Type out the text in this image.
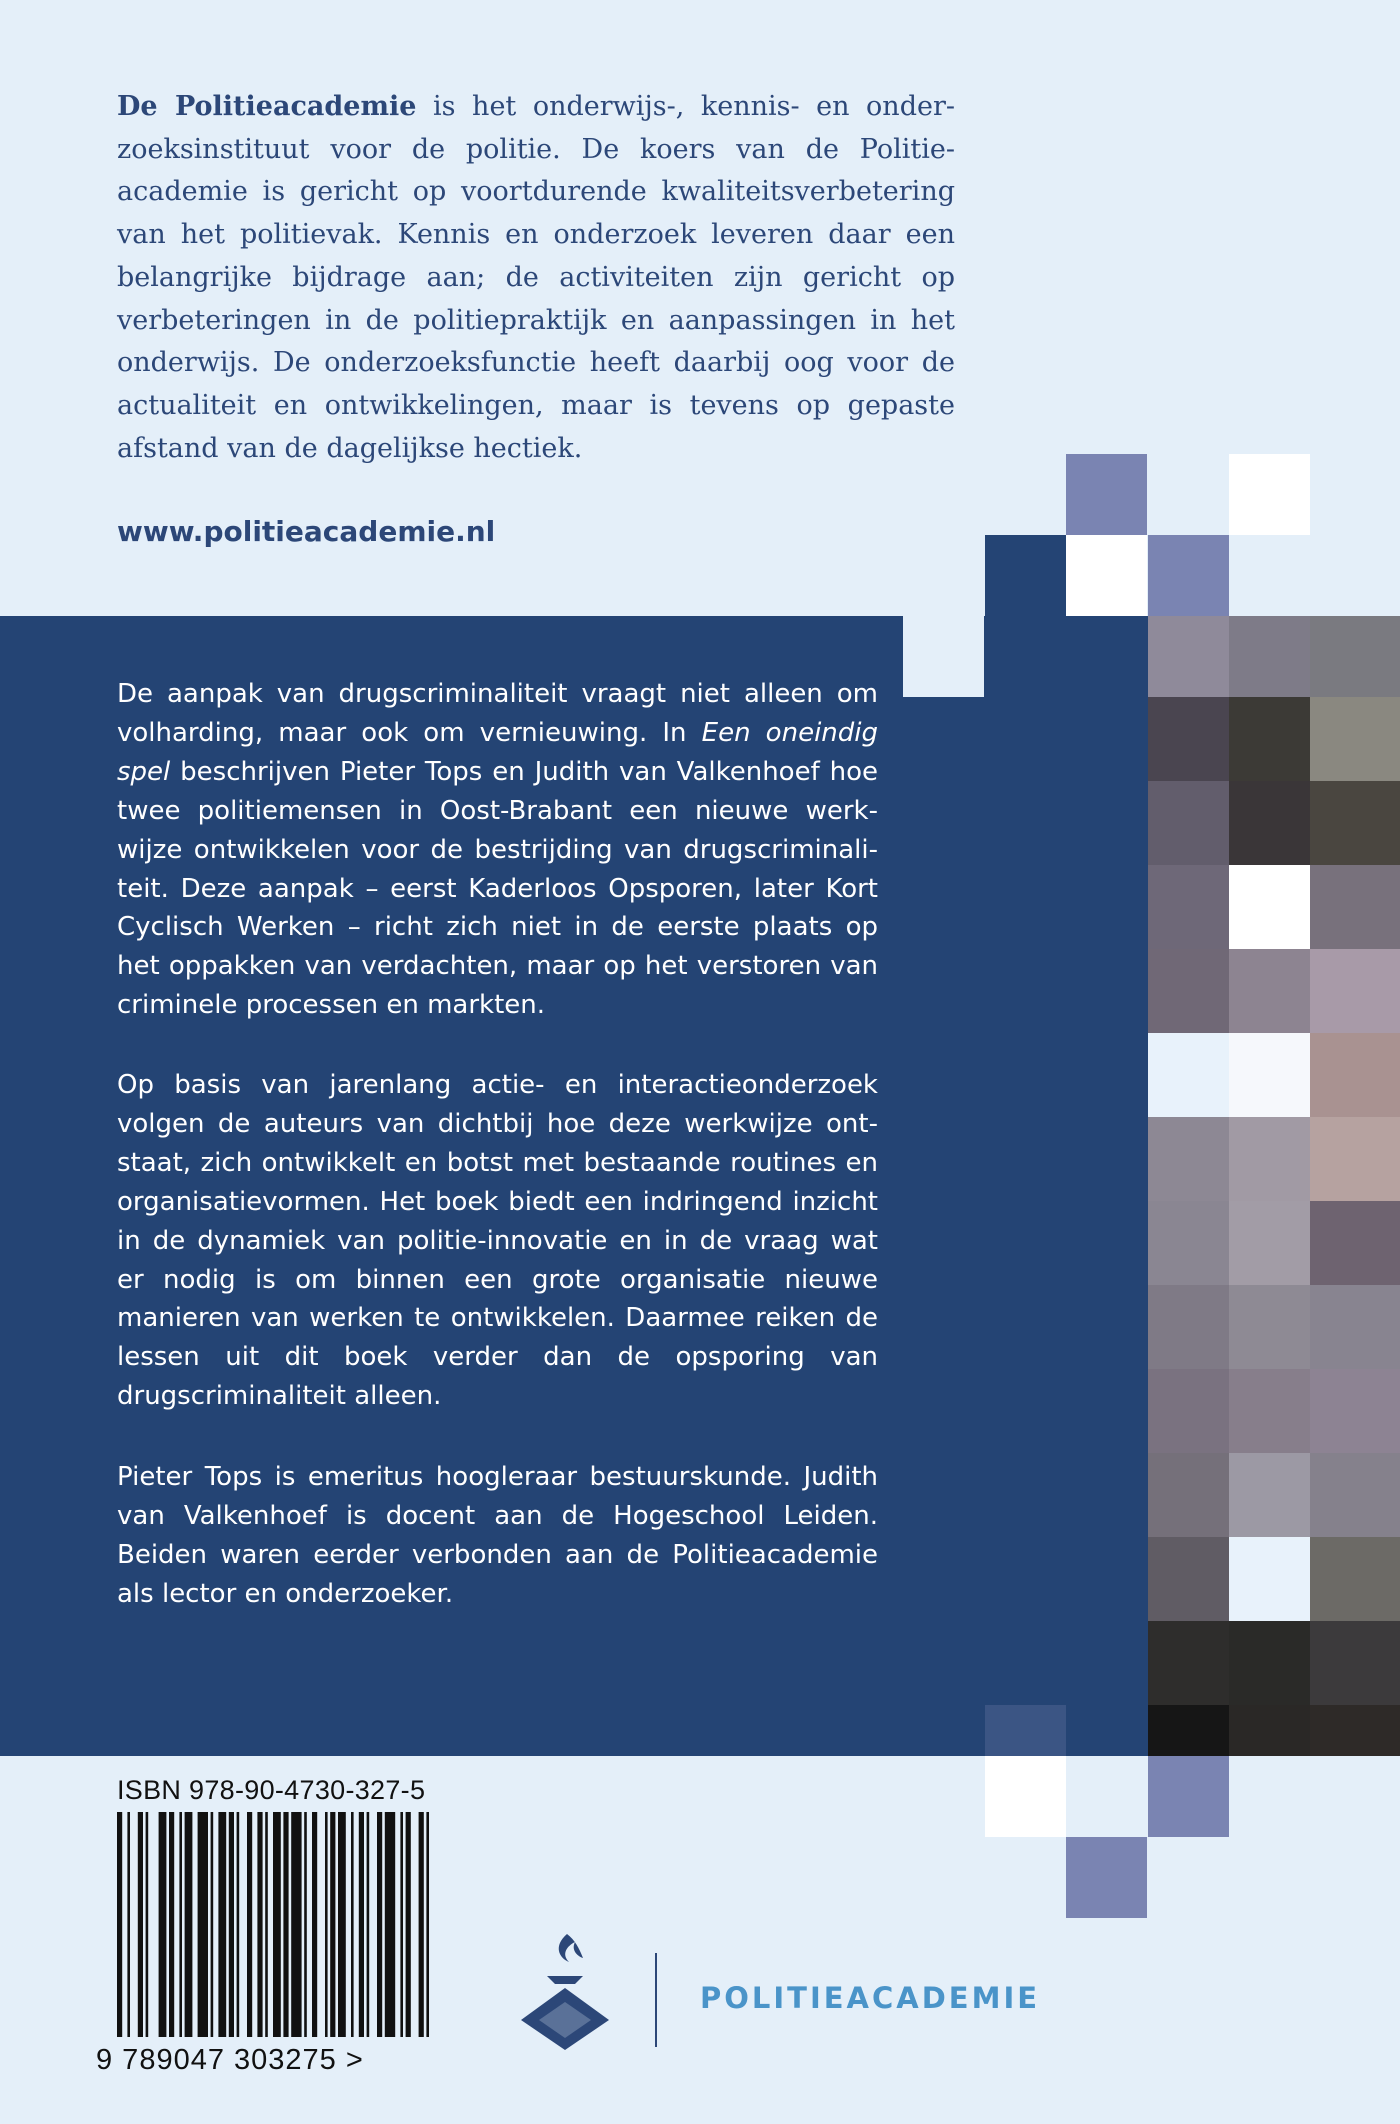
De Politieacademie is het onderwijs-, kennis- en onderzoeksinstituut voor de politie. De koers van de Politieacademie is gericht op voortdurende kwaliteitsverbetering van het politievak. Kennis en onderzoek leveren daar een belangrijke bijdrage aan; de activiteiten zijn gericht op verbeteringen in de politiepraktijk en aanpassingen in het onderwijs. De onderzoeksfunctie heeft daarbij oog voor de actualiteit en ontwikkelingen, maar is tevens op gepaste afstand van de dagelijkse hectiek.

www.politieacademie.nl

De aanpak van drugscriminaliteit vraagt niet alleen om volharding, maar ook om vernieuwing. In Een oneindig spel beschrijven Pieter Tops en Judith van Valkenhoef hoe twee politiemensen in Oost-Brabant een nieuwe werkwijze ontwikkelen voor de bestrijding van drugscriminaliteit. Deze aanpak – eerst Kaderloos Opsporen, later Kort Cyclisch Werken – richt zich niet in de eerste plaats op het oppakken van verdachten, maar op het verstoren van criminele processen en markten.

Op basis van jarenlang actie- en interactieonderzoek volgen de auteurs van dichtbij hoe deze werkwijze ontstaat, zich ontwikkelt en botst met bestaande routines en organisatievormen. Het boek biedt een indringend inzicht in de dynamiek van politie-innovatie en in de vraag wat er nodig is om binnen een grote organisatie nieuwe manieren van werken te ontwikkelen. Daarmee reiken de lessen uit dit boek verder dan de opsporing van drugscriminaliteit alleen.

Pieter Tops is emeritus hoogleraar bestuurskunde. Judith van Valkenhoef is docent aan de Hogeschool Leiden. Beiden waren eerder verbonden aan de Politieacademie als lector en onderzoeker.

ISBN 978-90-4730-327-5
9 789047 303275 >
POLITIEACADEMIE
